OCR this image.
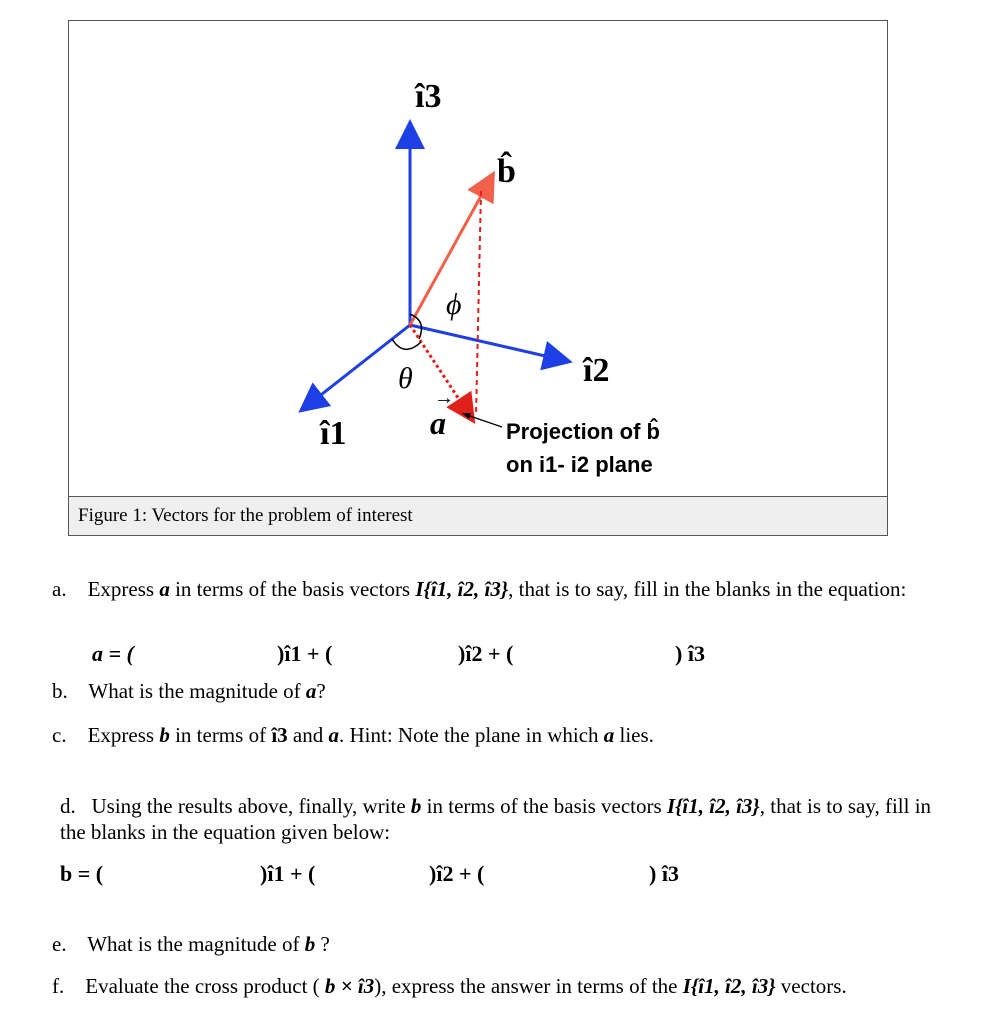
î3
b̂
ϕ
î2
θ
→
a
î1	Projection of b̂
on i1- i2 plane
Figure 1: Vectors for the problem of interest
a. Express a in terms of the basis vectors I{î1, î2, î3}, that is to say, fill in the blanks in the equation:
a = (	)î1 + (	)î2 + (	) î3
b. What is the magnitude of a?
c. Express b in terms of î3 and a. Hint: Note the plane in which a lies.
d. Using the results above, finally, write b in terms of the basis vectors I{î1, î2, î3}, that is to say, fill in
the blanks in the equation given below:
b = (	)î1 + (	)î2 + (	) î3
e. What is the magnitude of b ?
f. Evaluate the cross product ( b × î3), express the answer in terms of the I{î1, î2, î3} vectors.
